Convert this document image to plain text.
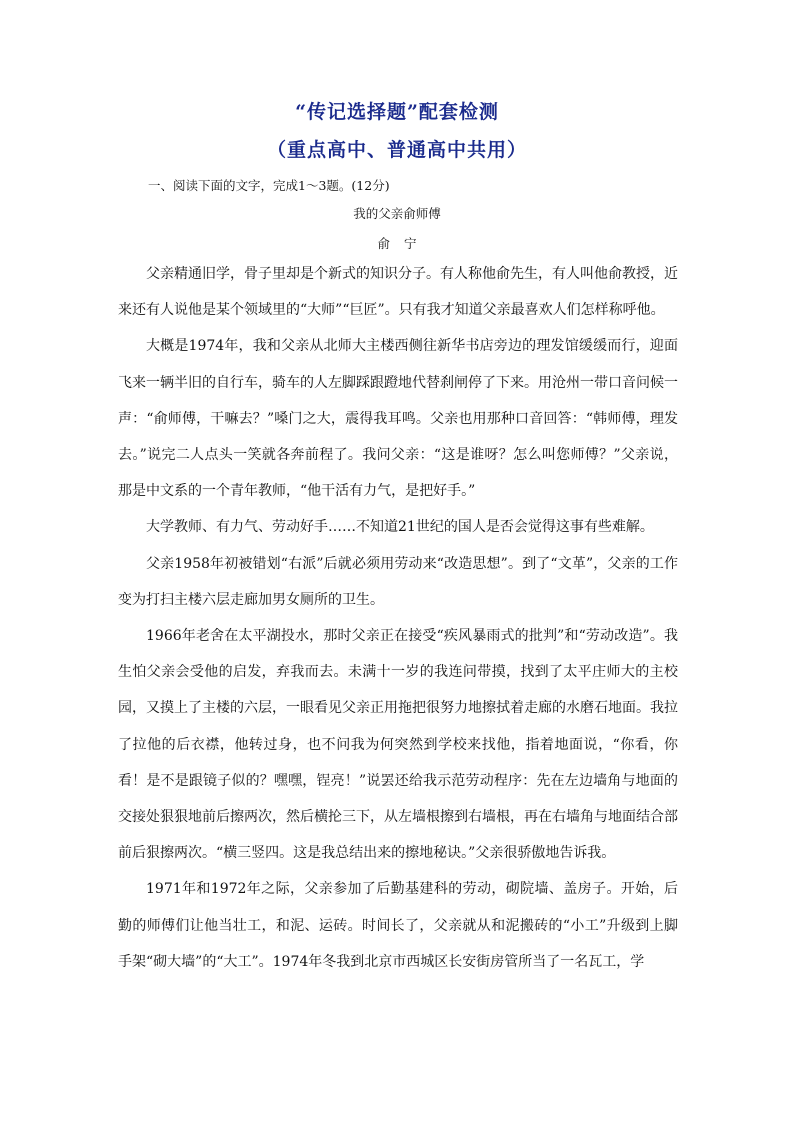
“传记选择题”配套检测
（重点高中、普通高中共用）
一、阅读下面的文字，完成1～3题。(12分)
我的父亲俞师傅
俞宁

父亲精通旧学，骨子里却是个新式的知识分子。有人称他俞先生，有人叫他俞教授，近来还有人说他是某个领域里的“大师”“巨匠”。只有我才知道父亲最喜欢人们怎样称呼他。

大概是1974年，我和父亲从北师大主楼西侧往新华书店旁边的理发馆缓缓而行，迎面飞来一辆半旧的自行车，骑车的人左脚踩跟蹬地代替刹闸停了下来。用沧州一带口音问候一声：“俞师傅，干嘛去？”嗓门之大，震得我耳鸣。父亲也用那种口音回答：“韩师傅，理发去。”说完二人点头一笑就各奔前程了。我问父亲：“这是谁呀？怎么叫您师傅？”父亲说，那是中文系的一个青年教师，“他干活有力气，是把好手。”

大学教师、有力气、劳动好手……不知道21世纪的国人是否会觉得这事有些难解。

父亲1958年初被错划“右派”后就必须用劳动来“改造思想”。到了“文革”，父亲的工作变为打扫主楼六层走廊加男女厕所的卫生。

1966年老舍在太平湖投水，那时父亲正在接受“疾风暴雨式的批判”和“劳动改造”。我生怕父亲会受他的启发，弃我而去。未满十一岁的我连问带摸，找到了太平庄师大的主校园，又摸上了主楼的六层，一眼看见父亲正用拖把很努力地擦拭着走廊的水磨石地面。我拉了拉他的后衣襟，他转过身，也不问我为何突然到学校来找他，指着地面说，“你看，你看！是不是跟镜子似的？嘿嘿，锃亮！”说罢还给我示范劳动程序：先在左边墙角与地面的交接处狠狠地前后擦两次，然后横抡三下，从左墙根擦到右墙根，再在右墙角与地面结合部前后狠擦两次。“横三竖四。这是我总结出来的擦地秘诀。”父亲很骄傲地告诉我。

1971年和1972年之际，父亲参加了后勤基建科的劳动，砌院墙、盖房子。开始，后勤的师傅们让他当壮工，和泥、运砖。时间长了，父亲就从和泥搬砖的“小工”升级到上脚手架“砌大墙”的“大工”。1974年冬我到北京市西城区长安街房管所当了一名瓦工，学
